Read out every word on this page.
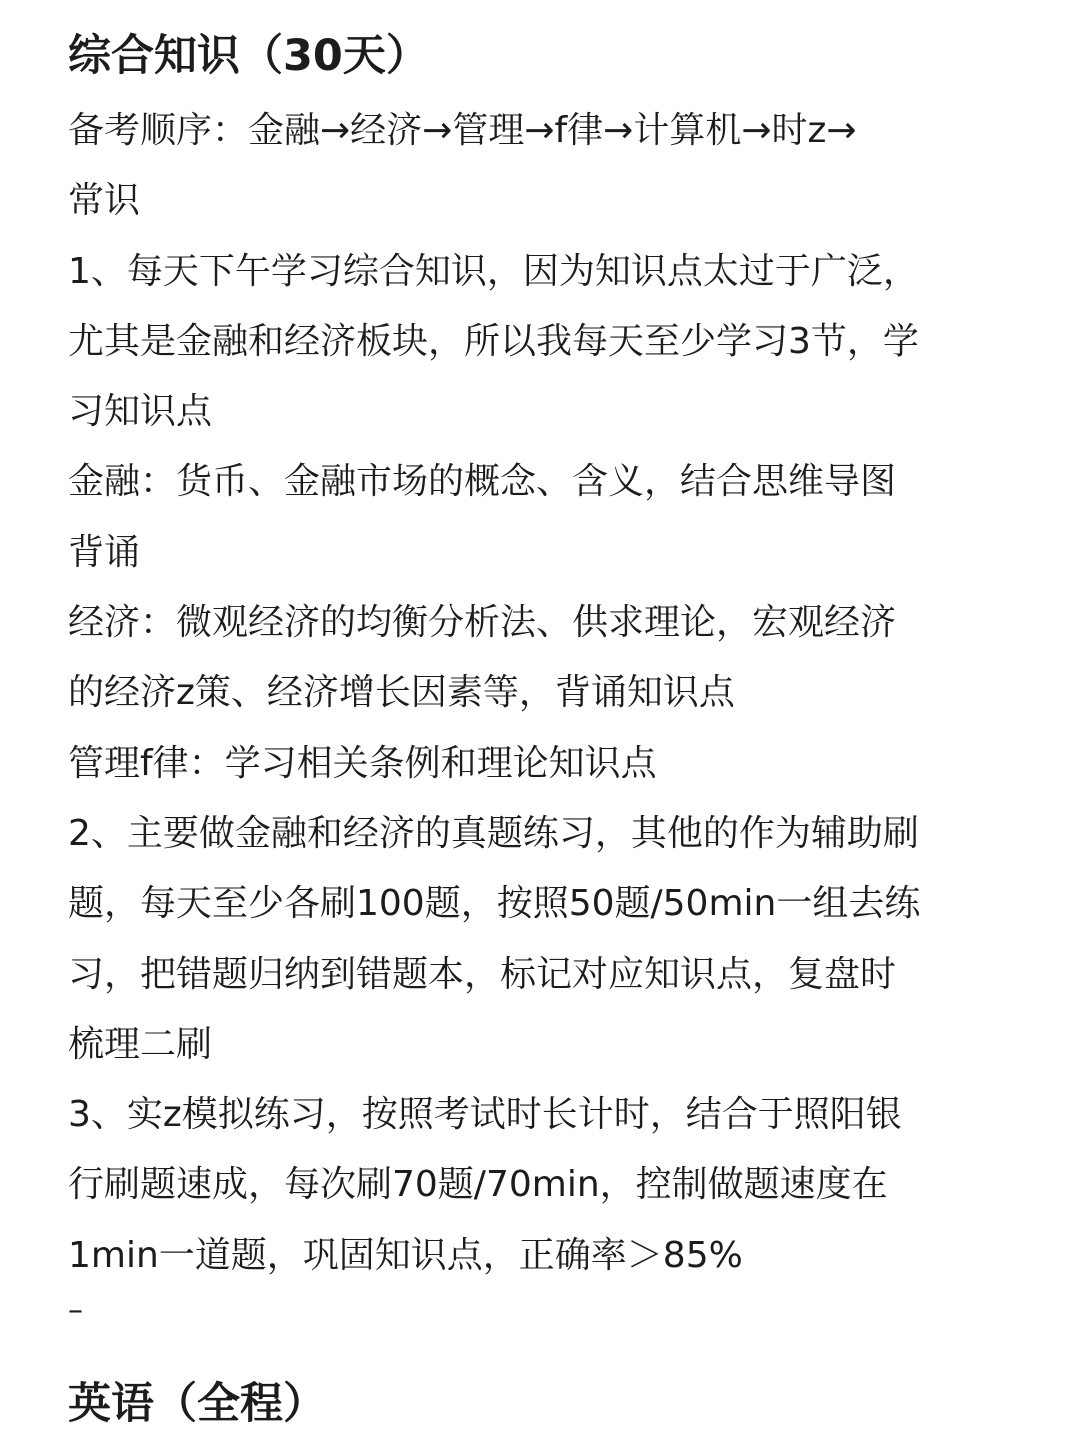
综合知识（30天）
备考顺序：金融→经济→管理→f律→计算机→时z→
常识
1、每天下午学习综合知识，因为知识点太过于广泛，
尤其是金融和经济板块，所以我每天至少学习3节，学
习知识点
金融：货币、金融市场的概念、含义，结合思维导图
背诵
经济：微观经济的均衡分析法、供求理论，宏观经济
的经济z策、经济增长因素等，背诵知识点
管理f律：学习相关条例和理论知识点
2、主要做金融和经济的真题练习，其他的作为辅助刷
题，每天至少各刷100题，按照50题/50min一组去练
习，把错题归纳到错题本，标记对应知识点，复盘时
梳理二刷
3、实z模拟练习，按照考试时长计时，结合于照阳银
行刷题速成，每次刷70题/70min，控制做题速度在
1min一道题，巩固知识点，正确率＞85%
–
英语（全程）
